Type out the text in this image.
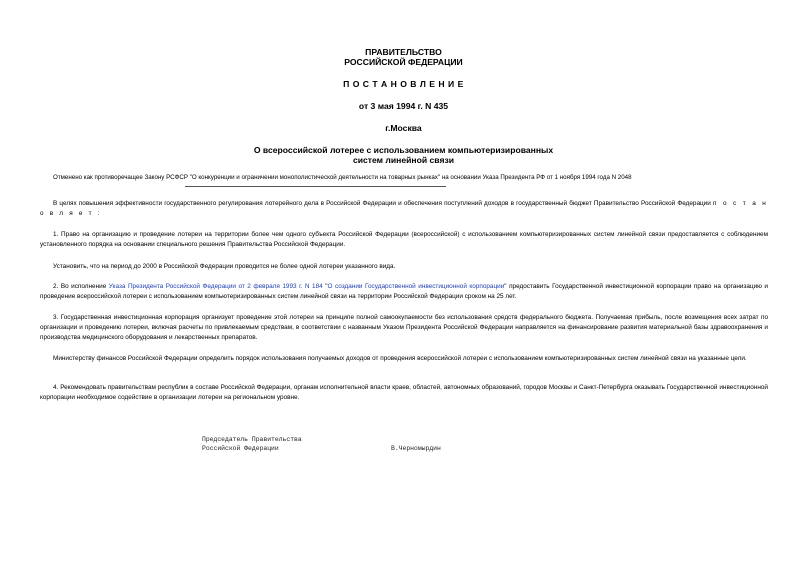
ПРАВИТЕЛЬСТВО
РОССИЙСКОЙ ФЕДЕРАЦИИ
П О С Т А Н О В Л Е Н И Е
от 3 мая 1994 г. N 435
г.Москва
О всероссийской лотерее с использованием компьютеризированных
систем линейной связи
Отменено как противоречащее Закону РСФСР "О конкуренции и ограничении монополистической деятельности на товарных рынках" на основании Указа Президента РФ от 1 ноября 1994 года N 2048
В целях повышения эффективности государственного регулирования лотерейного дела в Российской Федерации и обеспечения поступлений доходов в государственный бюджет Правительство Российской Федерации п о с т а н о в л я е т :
1. Право на организацию и проведение лотереи на территории более чем одного субъекта Российской Федерации (всероссийской) с использованием компьютеризированных систем линейной связи предоставляется с соблюдением установленного порядка на основании специального решения Правительства Российской Федерации.
Установить, что на период до 2000 в Российской Федерации проводится не более одной лотереи указанного вида.
2. Во исполнение Указа Президента Российской Федерации от 2 февраля 1993 г. N 184 "О создании Государственной инвестиционной корпорации" предоставить Государственной инвестиционной корпорации право на организацию и проведение всероссийской лотереи с использованием компьютеризированных систем линейной связи на территории Российской Федерации сроком на 25 лет.
3. Государственная инвестиционная корпорация организует проведение этой лотереи на принципе полной самоокупаемости без использования средств федерального бюджета. Получаемая прибыль, после возмещения всех затрат по организации и проведению лотереи, включая расчеты по привлекаемым средствам, в соответствии с названным Указом Президента Российской Федерации направляется на финансирование развития материальной базы здравоохранения и производства медицинского оборудования и лекарственных препаратов.
Министерству финансов Российской Федерации определить порядок использования получаемых доходов от проведения всероссийской лотереи с использованием компьютеризированных систем линейной связи на указанные цели.
4. Рекомендовать правительствам республик в составе Российской Федерации, органам исполнительной власти краев, областей, автономных образований, городов Москвы и Санкт-Петербурга оказывать Государственной инвестиционной корпорации необходимое содействие в организации лотереи на региональном уровне.
Председатель Правительства
Российской Федерации	В.Черномырдин
